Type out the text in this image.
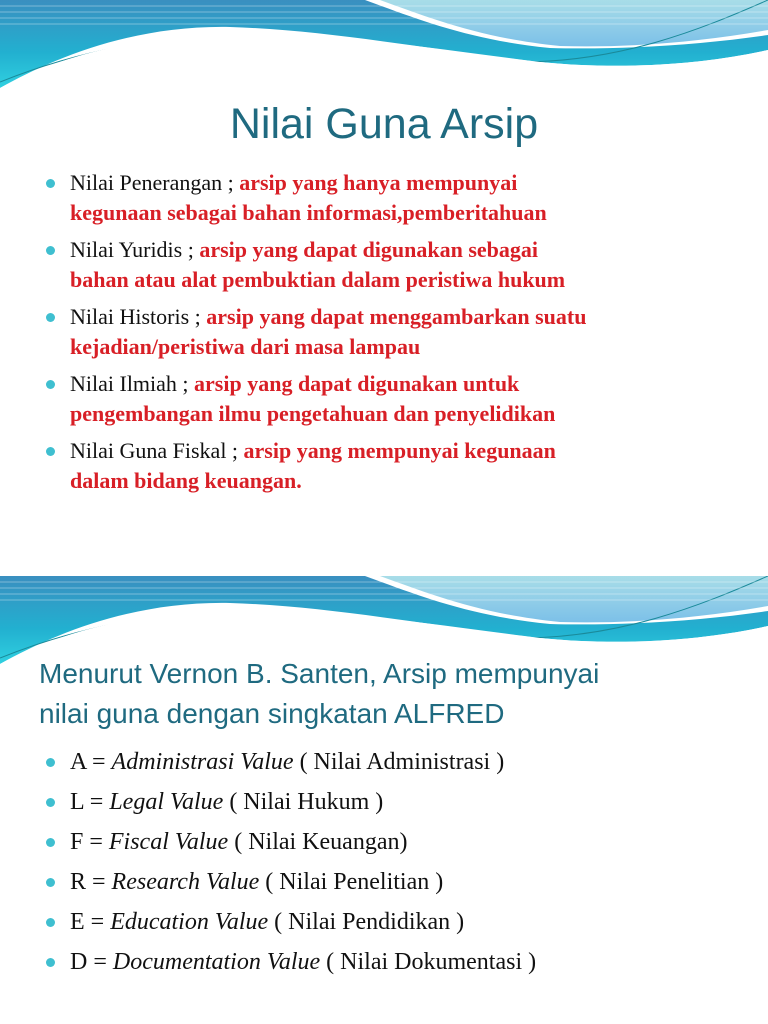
Nilai Guna Arsip
Nilai Penerangan ; arsip yang hanya mempunyai
kegunaan sebagai bahan informasi,pemberitahuan
Nilai Yuridis ; arsip yang dapat digunakan sebagai
bahan atau alat pembuktian dalam peristiwa hukum
Nilai Historis ; arsip yang dapat menggambarkan suatu
kejadian/peristiwa dari masa lampau
Nilai Ilmiah ; arsip yang dapat digunakan untuk
pengembangan ilmu pengetahuan dan penyelidikan
Nilai Guna Fiskal ; arsip yang mempunyai kegunaan
dalam bidang keuangan.
Menurut Vernon B. Santen, Arsip mempunyai
nilai guna dengan singkatan ALFRED
A = Administrasi Value ( Nilai Administrasi )
L = Legal Value ( Nilai Hukum )
F = Fiscal Value ( Nilai Keuangan)
R = Research Value ( Nilai Penelitian )
E = Education Value ( Nilai Pendidikan )
D = Documentation Value ( Nilai Dokumentasi )
